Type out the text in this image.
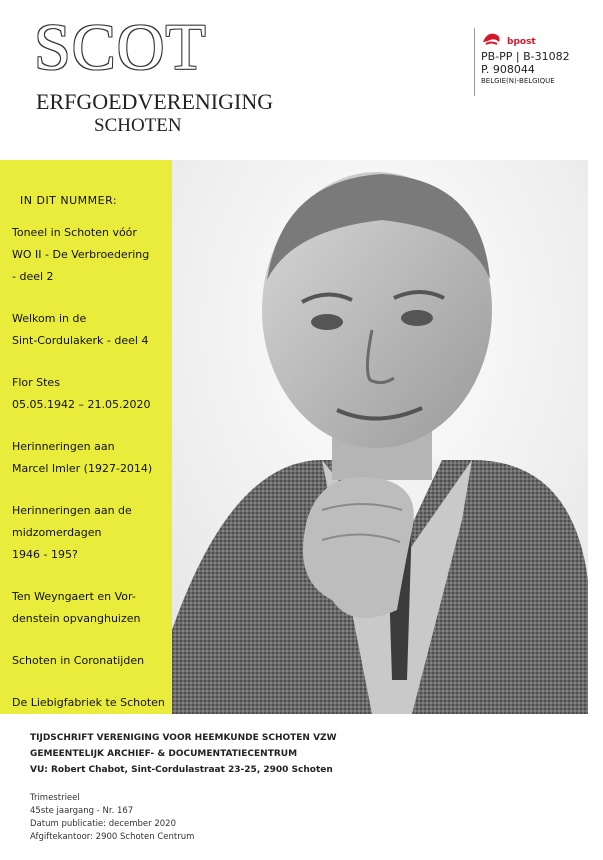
SCOT
ERFGOEDVERENIGING
SCHOTEN
bpost
PB-PP | B-31082
P. 908044
BELGIE(N)-BELGIQUE
IN DIT NUMMER:
Toneel in Schoten vóór
WO II - De Verbroedering
- deel 2
Welkom in de
Sint-Cordulakerk - deel 4
Flor Stes
05.05.1942 – 21.05.2020
Herinneringen aan
Marcel Imler (1927-2014)
Herinneringen aan de
midzomerdagen
1946 - 195?
Ten Weyngaert en Vor-
denstein opvanghuizen
Schoten in Coronatijden
De Liebigfabriek te Schoten
TIJDSCHRIFT VERENIGING VOOR HEEMKUNDE SCHOTEN VZW
GEMEENTELIJK ARCHIEF- & DOCUMENTATIECENTRUM
VU: Robert Chabot, Sint-Cordulastraat 23-25, 2900 Schoten
Trimestrieel
45ste jaargang - Nr. 167
Datum publicatie: december 2020
Afgiftekantoor: 2900 Schoten Centrum
